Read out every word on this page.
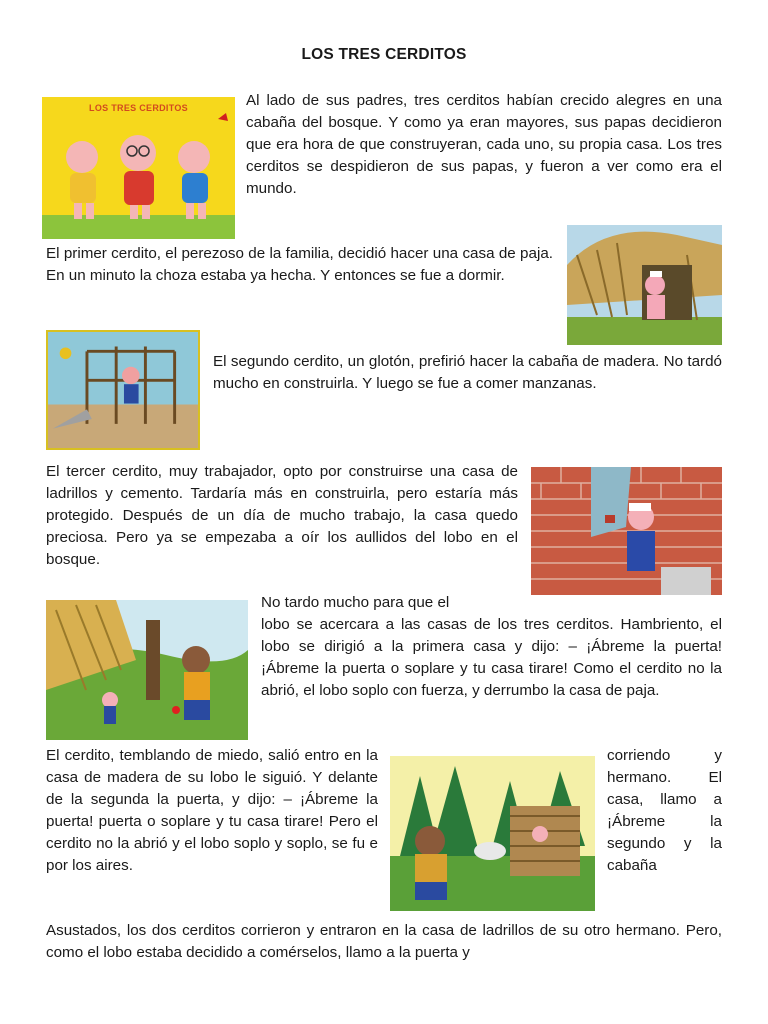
LOS TRES CERDITOS
LOS TRES CERDITOS	Al lado de sus padres, tres cerditos habían crecido alegres en una cabaña del bosque. Y como ya eran mayores, sus papas decidieron que era hora de que construyeran, cada uno, su propia casa. Los tres cerditos se despidieron de sus papas, y fueron a ver como era el mundo.

El primer cerdito, el perezoso de la familia, decidió hacer una casa de paja. En un minuto la choza estaba ya hecha. Y entonces se fue a dormir.

El segundo cerdito, un glotón, prefirió hacer la cabaña de madera. No tardó mucho en construirla. Y luego se fue a comer manzanas.

El tercer cerdito, muy trabajador, opto por construirse una casa de ladrillos y cemento. Tardaría más en construirla, pero estaría más protegido. Después de un día de mucho trabajo, la casa quedo preciosa. Pero ya se empezaba a oír los aullidos del lobo en el bosque.

No tardo mucho para que el

lobo se acercara a las casas de los tres cerditos. Hambriento, el lobo se dirigió a la primera casa y dijo: – ¡Ábreme la puerta! ¡Ábreme la puerta o soplare y tu casa tirare! Como el cerdito no la abrió, el lobo soplo con fuerza, y derrumbo la casa de paja.

El cerdito, temblando de miedo, salió entro en la casa de madera de su lobo le siguió. Y delante de la segunda la puerta, y dijo: – ¡Ábreme la puerta! puerta o soplare y tu casa tirare! Pero el cerdito no la abrió y el lobo soplo y soplo, se fu e por los aires.

corriendo y hermano. El casa, llamo a ¡Ábreme la segundo y la cabaña

Asustados, los dos cerditos corrieron y entraron en la casa de ladrillos de su otro hermano. Pero, como el lobo estaba decidido a comérselos, llamo a la puerta y
